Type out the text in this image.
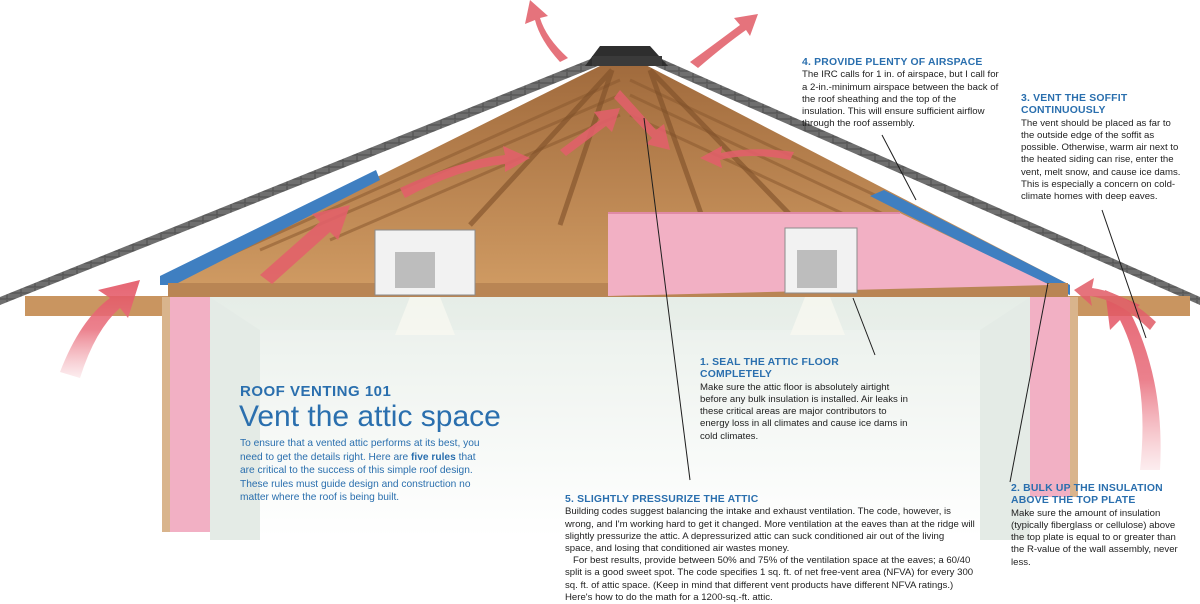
ROOF VENTING 101
Vent the attic space
To ensure that a vented attic performs at its best, you need to get the details right. Here are five rules that are critical to the success of this simple roof design. These rules must guide design and construction no matter where the roof is being built.
4. PROVIDE PLENTY OF AIRSPACE

The IRC calls for 1 in. of airspace, but I call for a 2-in.-minimum airspace between the back of the roof sheathing and the top of the insulation. This will ensure sufficient airflow through the roof assembly.

3. VENT THE SOFFIT CONTINUOUSLY

The vent should be placed as far to the outside edge of the soffit as possible. Otherwise, warm air next to the heated siding can rise, enter the vent, melt snow, and cause ice dams. This is especially a concern on cold-climate homes with deep eaves.

1. SEAL THE ATTIC FLOOR COMPLETELY

Make sure the attic floor is absolutely airtight before any bulk insulation is installed. Air leaks in these critical areas are major contributors to energy loss in all climates and cause ice dams in cold climates.

2. BULK UP THE INSULATION ABOVE THE TOP PLATE

Make sure the amount of insulation (typically fiberglass or cellulose) above the top plate is equal to or greater than the R-value of the wall assembly, never less.

5. SLIGHTLY PRESSURIZE THE ATTIC

Building codes suggest balancing the intake and exhaust ventilation. The code, however, is wrong, and I'm working hard to get it changed. More ventilation at the eaves than at the ridge will slightly pressurize the attic. A depressurized attic can suck conditioned air out of the living space, and losing that conditioned air wastes money.

For best results, provide between 50% and 75% of the ventilation space at the eaves; a 60/40 split is a good sweet spot. The code specifies 1 sq. ft. of net free-vent area (NFVA) for every 300 sq. ft. of attic space. (Keep in mind that different vent products have different NFVA ratings.) Here's how to do the math for a 1200-sq.-ft. attic.
